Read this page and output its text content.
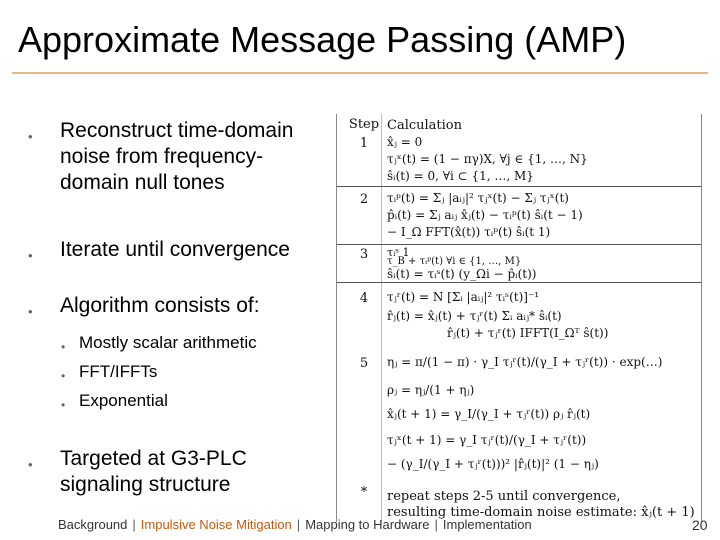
Approximate Message Passing (AMP)
• Reconstruct time-domain
noise from frequency-
domain null tones
• Iterate until convergence
• Algorithm consists of:
• Mostly scalar arithmetic
• FFT/IFFTs
• Exponential
• Targeted at G3-PLC
signaling structure
Step Calculation
1	x̂ⱼ = 0
τⱼˣ(t) = (1 − πγ)X, ∀j ∈ {1, …, N}
ŝᵢ(t) = 0, ∀i ⊂ {1, …, M}
2	τᵢᵖ(t) = Σⱼ |aᵢⱼ|² τⱼˣ(t) − Σⱼ τⱼˣ(t)
p̂ᵢ(t) = Σⱼ aᵢⱼ x̂ⱼ(t) − τᵢᵖ(t) ŝᵢ(t − 1)
− I_Ω FFT(x̂(t)) τᵢᵖ(t) ŝᵢ(t 1)
3	τᵢˢ 1
τ_B + τᵢᵖ(t) ∀i ∈ {1, …, M}
ŝᵢ(t) = τᵢˢ(t) (y_Ωi − p̂ᵢ(t))
4	τⱼʳ(t) = N [Σᵢ |aᵢⱼ|² τᵢˢ(t)]⁻¹
r̂ⱼ(t) = x̂ⱼ(t) + τⱼʳ(t) Σᵢ aᵢⱼ* ŝᵢ(t)
r̂ⱼ(t) + τⱼʳ(t) IFFT(I_Ωᵀ ŝ(t))
5	ηⱼ = π/(1 − π) · γ_I τⱼʳ(t)/(γ_I + τⱼʳ(t)) · exp(…)
ρⱼ = ηⱼ/(1 + ηⱼ)
x̂ⱼ(t + 1) = γ_I/(γ_I + τⱼʳ(t)) ρⱼ r̂ⱼ(t)
τⱼˣ(t + 1) = γ_I τⱼʳ(t)/(γ_I + τⱼʳ(t))
− (γ_I/(γ_I + τⱼʳ(t)))² |r̂ⱼ(t)|² (1 − ηⱼ)
*	repeat steps 2-5 until convergence,
resulting time-domain noise estimate: x̂ⱼ(t + 1)
Background | Impulsive Noise Mitigation | Mapping to Hardware | Implementation	20
